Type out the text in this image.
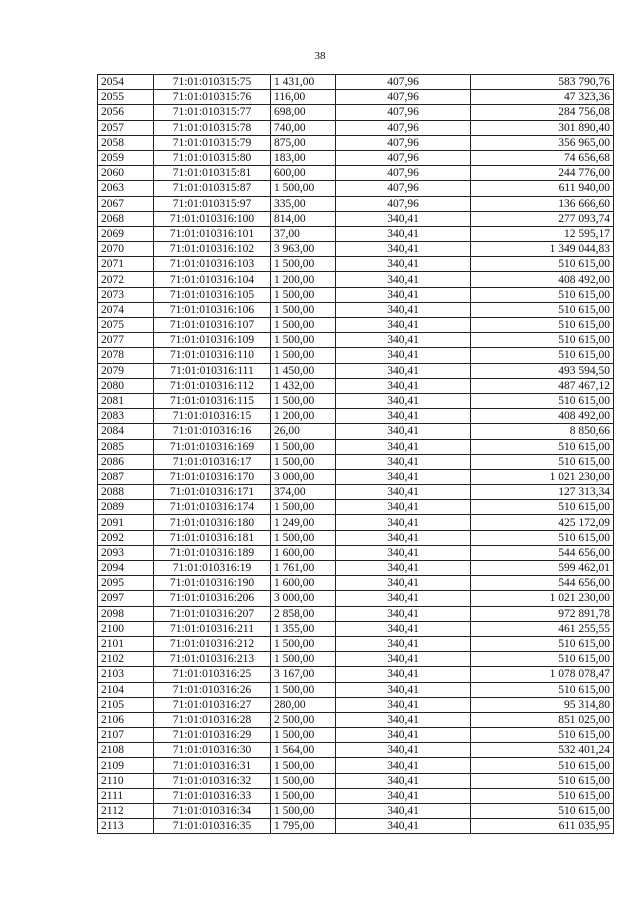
38
2054	71:01:010315:75	1 431,00	407,96	583 790,76
2055	71:01:010315:76	116,00	407,96	47 323,36
2056	71:01:010315:77	698,00	407,96	284 756,08
2057	71:01:010315:78	740,00	407,96	301 890,40
2058	71:01:010315:79	875,00	407,96	356 965,00
2059	71:01:010315:80	183,00	407,96	74 656,68
2060	71:01:010315:81	600,00	407,96	244 776,00
2063	71:01:010315:87	1 500,00	407,96	611 940,00
2067	71:01:010315:97	335,00	407,96	136 666,60
2068	71:01:010316:100	814,00	340,41	277 093,74
2069	71:01:010316:101	37,00	340,41	12 595,17
2070	71:01:010316:102	3 963,00	340,41	1 349 044,83
2071	71:01:010316:103	1 500,00	340,41	510 615,00
2072	71:01:010316:104	1 200,00	340,41	408 492,00
2073	71:01:010316:105	1 500,00	340,41	510 615,00
2074	71:01:010316:106	1 500,00	340,41	510 615,00
2075	71:01:010316:107	1 500,00	340,41	510 615,00
2077	71:01:010316:109	1 500,00	340,41	510 615,00
2078	71:01:010316:110	1 500,00	340,41	510 615,00
2079	71:01:010316:111	1 450,00	340,41	493 594,50
2080	71:01:010316:112	1 432,00	340,41	487 467,12
2081	71:01:010316:115	1 500,00	340,41	510 615,00
2083	71:01:010316:15	1 200,00	340,41	408 492,00
2084	71:01:010316:16	26,00	340,41	8 850,66
2085	71:01:010316:169	1 500,00	340,41	510 615,00
2086	71:01:010316:17	1 500,00	340,41	510 615,00
2087	71:01:010316:170	3 000,00	340,41	1 021 230,00
2088	71:01:010316:171	374,00	340,41	127 313,34
2089	71:01:010316:174	1 500,00	340,41	510 615,00
2091	71:01:010316:180	1 249,00	340,41	425 172,09
2092	71:01:010316:181	1 500,00	340,41	510 615,00
2093	71:01:010316:189	1 600,00	340,41	544 656,00
2094	71:01:010316:19	1 761,00	340,41	599 462,01
2095	71:01:010316:190	1 600,00	340,41	544 656,00
2097	71:01:010316:206	3 000,00	340,41	1 021 230,00
2098	71:01:010316:207	2 858,00	340,41	972 891,78
2100	71:01:010316:211	1 355,00	340,41	461 255,55
2101	71:01:010316:212	1 500,00	340,41	510 615,00
2102	71:01:010316:213	1 500,00	340,41	510 615,00
2103	71:01:010316:25	3 167,00	340,41	1 078 078,47
2104	71:01:010316:26	1 500,00	340,41	510 615,00
2105	71:01:010316:27	280,00	340,41	95 314,80
2106	71:01:010316:28	2 500,00	340,41	851 025,00
2107	71:01:010316:29	1 500,00	340,41	510 615,00
2108	71:01:010316:30	1 564,00	340,41	532 401,24
2109	71:01:010316:31	1 500,00	340,41	510 615,00
2110	71:01:010316:32	1 500,00	340,41	510 615,00
2111	71:01:010316:33	1 500,00	340,41	510 615,00
2112	71:01:010316:34	1 500,00	340,41	510 615,00
2113	71:01:010316:35	1 795,00	340,41	611 035,95
